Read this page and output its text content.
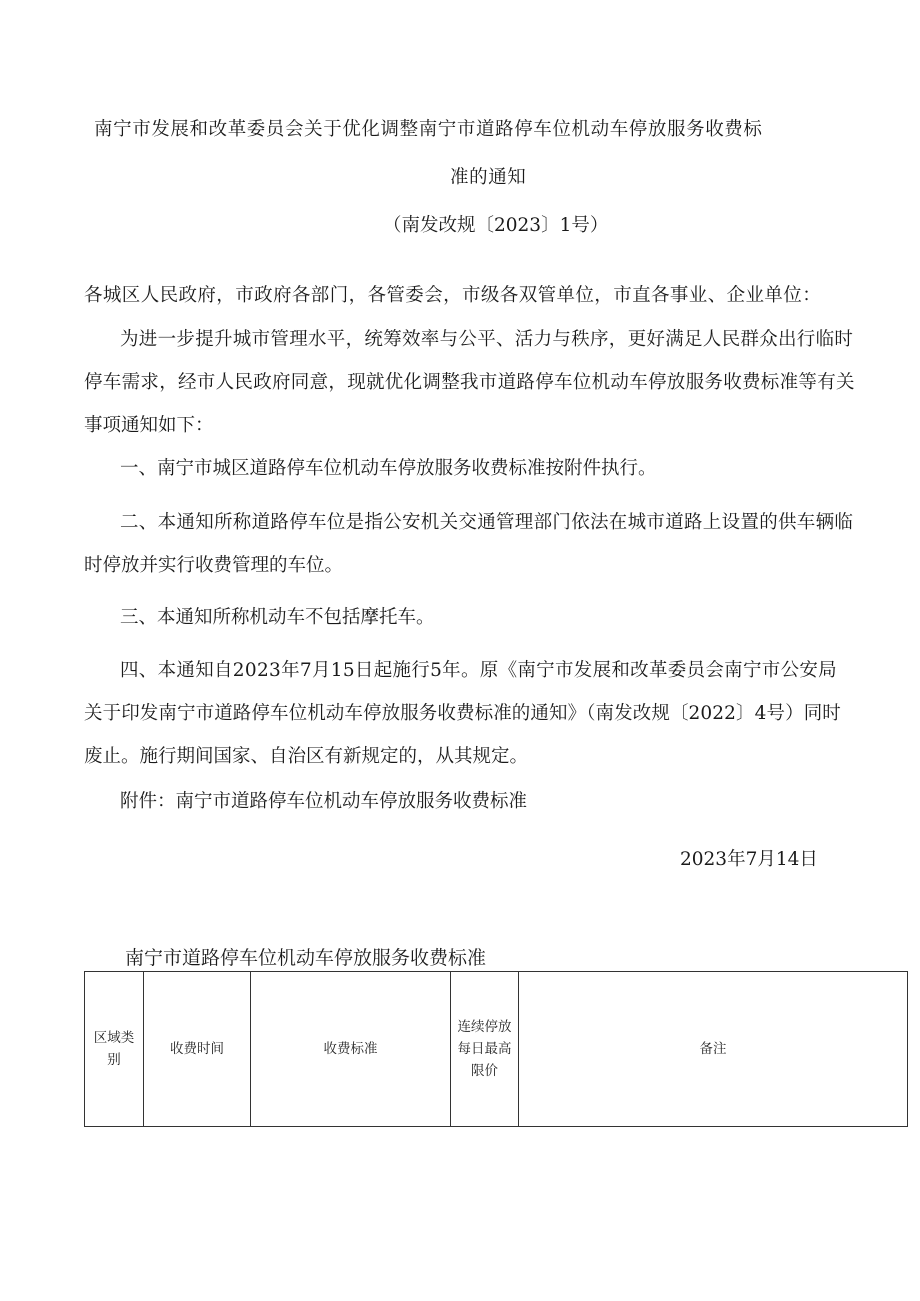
南宁市发展和改革委员会关于优化调整南宁市道路停车位机动车停放服务收费标
准的通知
（南发改规〔2023〕1号）
各城区人民政府，市政府各部门，各管委会，市级各双管单位，市直各事业、企业单位：
为进一步提升城市管理水平，统筹效率与公平、活力与秩序，更好满足人民群众出行临时
停车需求，经市人民政府同意，现就优化调整我市道路停车位机动车停放服务收费标准等有关
事项通知如下：
一、南宁市城区道路停车位机动车停放服务收费标准按附件执行。
二、本通知所称道路停车位是指公安机关交通管理部门依法在城市道路上设置的供车辆临
时停放并实行收费管理的车位。
三、本通知所称机动车不包括摩托车。
四、本通知自2023年7月15日起施行5年。原《南宁市发展和改革委员会南宁市公安局
关于印发南宁市道路停车位机动车停放服务收费标准的通知》（南发改规〔2022〕4号）同时
废止。施行期间国家、自治区有新规定的，从其规定。
附件：南宁市道路停车位机动车停放服务收费标准
2023年7月14日
南宁市道路停车位机动车停放服务收费标准
区域类别	收费时间	收费标准	连续停放每日最高限价	备注
